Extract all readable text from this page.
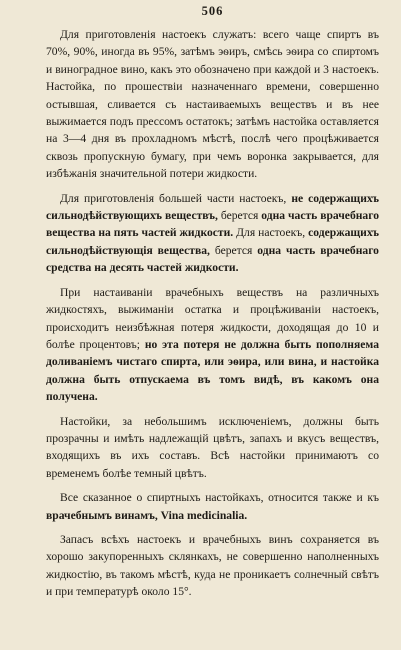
506

Для приготовленія настоекъ служатъ: всего чаще спиртъ въ 70%, 90%, иногда въ 95%, затѣмъ эѳиръ, смѣсь эѳира со спиртомъ и виноградное вино, какъ это обозначено при каждой и 3 настоекъ. Настойка, по прошествіи назначеннаго времени, совершенно остывшая, сливается съ настаиваемыхъ веществъ и въ нее выжимается подъ прессомъ остатокъ; затѣмъ настойка оставляется на 3—4 дня въ прохладномъ мѣстѣ, послѣ чего процѣживается сквозь пропускную бумагу, при чемъ воронка закрывается, для избѣжанія значительной потери жидкости.

Для приготовленія большей части настоекъ, не содержащихъ сильнодѣйствующихъ веществъ, берется одна часть врачебнаго вещества на пять частей жидкости. Для настоекъ, содержащихъ сильнодѣйствующія вещества, берется одна часть врачебнаго средства на десять частей жидкости.

При настаиваніи врачебныхъ веществъ на различныхъ жидкостяхъ, выжиманіи остатка и процѣживаніи настоекъ, происходитъ неизбѣжная потеря жидкости, доходящая до 10 и болѣе процентовъ; но эта потеря не должна быть пополняема доливаніемъ чистаго спирта, или эѳира, или вина, и настойка должна быть отпускаема въ томъ видѣ, въ какомъ она получена.

Настойки, за небольшимъ исключеніемъ, должны быть прозрачны и имѣть надлежащій цвѣтъ, запахъ и вкусъ веществъ, входящихъ въ ихъ составъ. Всѣ настойки принимаютъ со временемъ болѣе темный цвѣтъ.

Все сказанное о спиртныхъ настойкахъ, относится также и къ врачебнымъ винамъ, Vina medicinalia.

Запасъ всѣхъ настоекъ и врачебныхъ винъ сохраняется въ хорошо закупоренныхъ склянкахъ, не совершенно наполненныхъ жидкостію, въ такомъ мѣстѣ, куда не проникаетъ солнечный свѣтъ и при температурѣ около 15°.
